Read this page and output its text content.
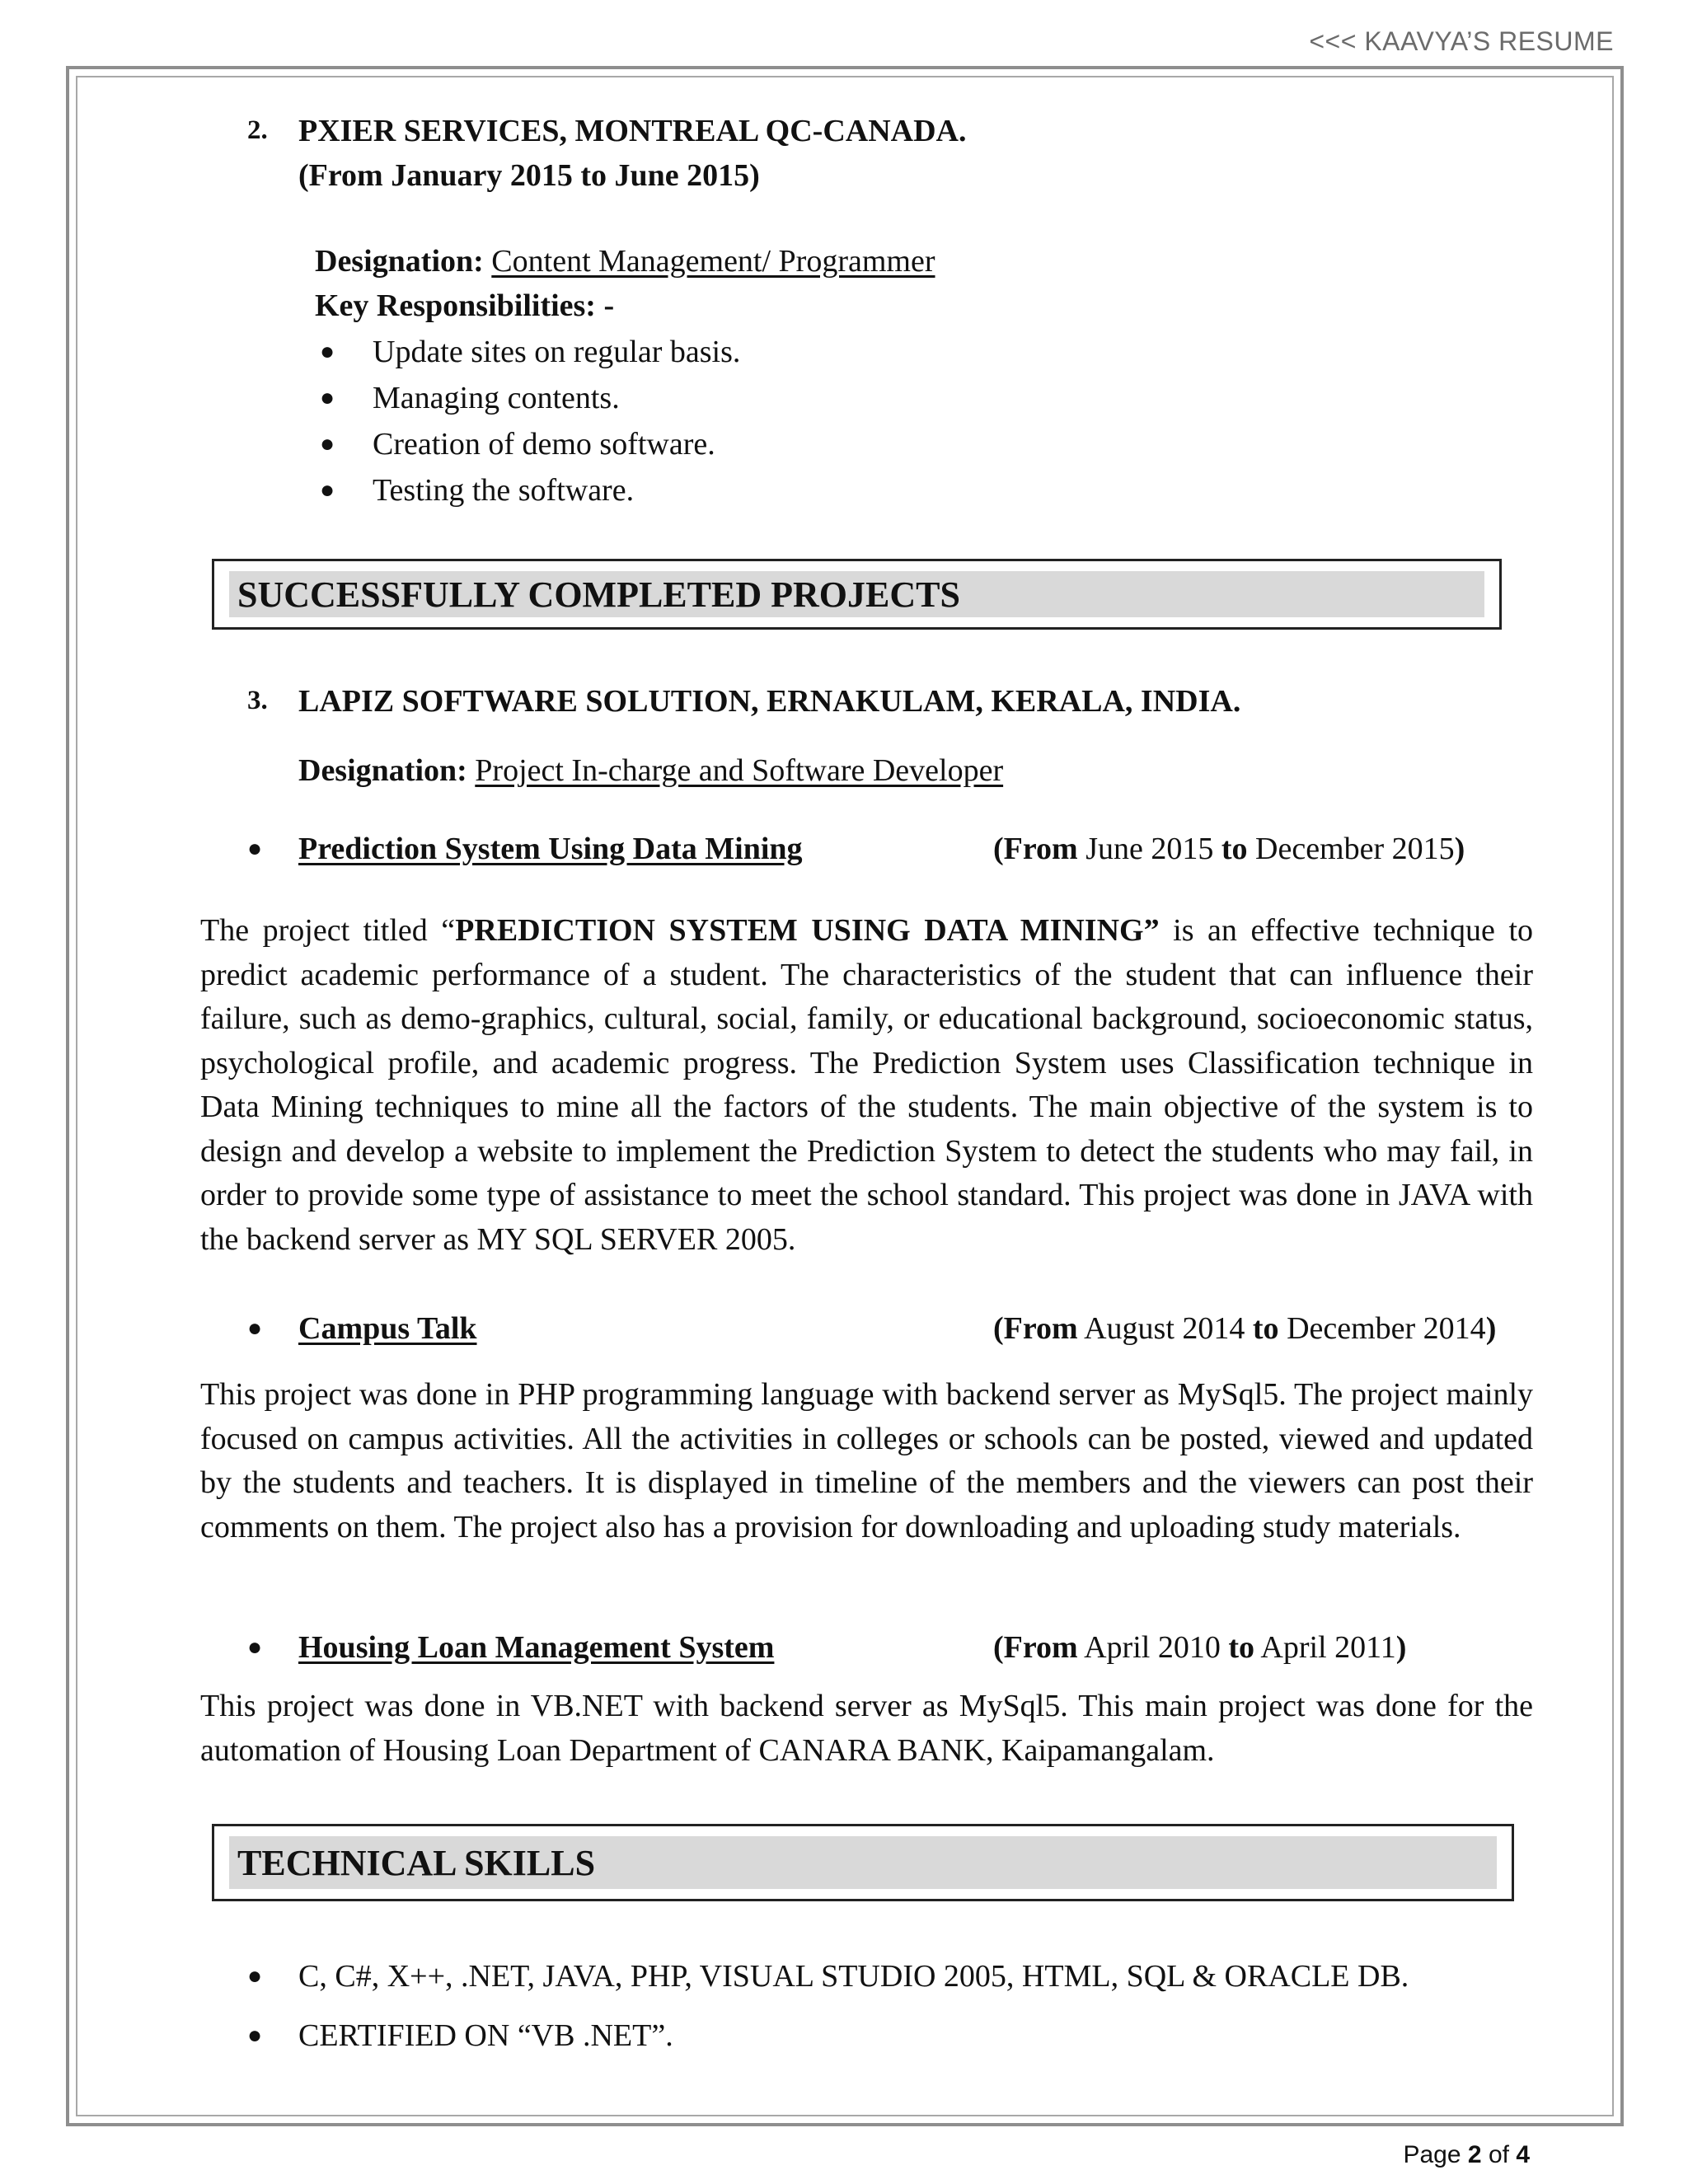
<<< KAAVYA’S RESUME
2. PXIER SERVICES, MONTREAL QC-CANADA.
(From January 2015 to June 2015)
Designation: Content Management/ Programmer
Key Responsibilities: -
● Update sites on regular basis.
● Managing contents.
● Creation of demo software.
● Testing the software.
SUCCESSFULLY COMPLETED PROJECTS
3. LAPIZ SOFTWARE SOLUTION, ERNAKULAM, KERALA, INDIA.
Designation: Project In-charge and Software Developer
● Prediction System Using Data Mining	(From June 2015 to December 2015)

The project titled “PREDICTION SYSTEM USING DATA MINING” is an effective technique to predict academic performance of a student. The characteristics of the student that can influence their failure, such as demo-graphics, cultural, social, family, or educational background, socioeconomic status, psychological profile, and academic progress. The Prediction System uses Classification technique in Data Mining techniques to mine all the factors of the students. The main objective of the system is to design and develop a website to implement the Prediction System to detect the students who may fail, in order to provide some type of assistance to meet the school standard. This project was done in JAVA with the backend server as MY SQL SERVER 2005.

● Campus Talk	(From August 2014 to December 2014)

This project was done in PHP programming language with backend server as MySql5. The project mainly focused on campus activities. All the activities in colleges or schools can be posted, viewed and updated by the students and teachers. It is displayed in timeline of the members and the viewers can post their comments on them. The project also has a provision for downloading and uploading study materials.

● Housing Loan Management System	(From April 2010 to April 2011)

This project was done in VB.NET with backend server as MySql5. This main project was done for the automation of Housing Loan Department of CANARA BANK, Kaipamangalam.

TECHNICAL SKILLS
● C, C#, X++, .NET, JAVA, PHP, VISUAL STUDIO 2005, HTML, SQL & ORACLE DB.
● CERTIFIED ON “VB .NET”.
Page 2 of 4
